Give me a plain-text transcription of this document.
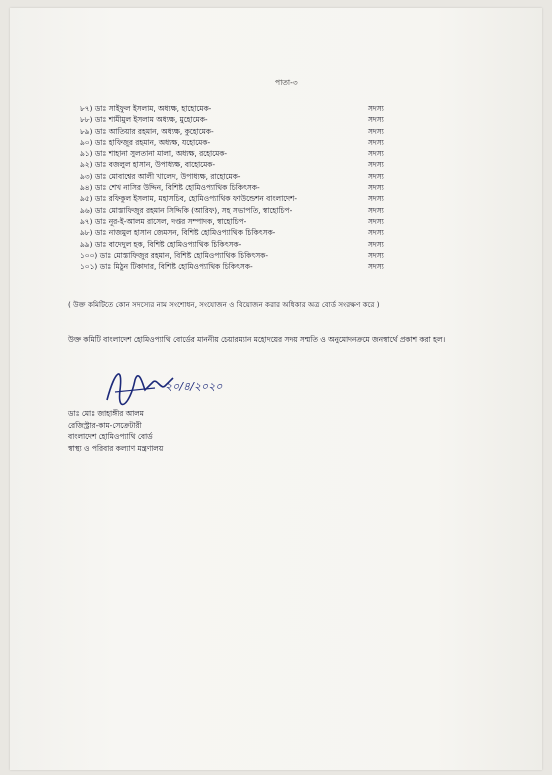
পাতা-৩
৮৭) ডাঃ সাইফুল ইসলাম, অধ্যক্ষ, হাহোমেক-	সদস্য
৮৮) ডাঃ শামীমুল ইসলাম অধ্যক্ষ, মুহোমেক-	সদস্য
৮৯) ডাঃ আতিয়ার রহমান, অধ্যক্ষ, কুহোমেক-	সদস্য
৯০) ডাঃ হাফিজুর রহমান, অধ্যক্ষ, যহোমেক-	সদস্য
৯১) ডাঃ শাহানা সুলতানা মালা, অধ্যক্ষ, রহোমেক-	সদস্য
৯২) ডাঃ বজলুল হাসান, উপাধ্যক্ষ, বাহোমেক-	সদস্য
৯৩) ডাঃ মোবাশ্বের আলী খালেদ, উপাধ্যক্ষ, রাহোমেক-	সদস্য
৯৪) ডাঃ শেখ নাসির উদ্দিন, বিশিষ্ট হোমিওপ্যাথিক চিকিৎসক-	সদস্য
৯৫) ডাঃ রফিকুল ইসলাম, মহাসচিব, হোমিওপ্যাথিক ফাউন্ডেশন বাংলাদেশ-	সদস্য
৯৬) ডাঃ মোস্তাফিজুর রহমান সিদ্দিকি (আরিফ), সহ সভাপতি, স্বাহোচিপ-	সদস্য
৯৭) ডাঃ নূর-ই-আলম রাসেল, দপ্তর সম্পাদক, স্বাহোচিপ-	সদস্য
৯৮) ডাঃ নাজমুল হাসান জেমসন, বিশিষ্ট হোমিওপ্যাথিক চিকিৎসক-	সদস্য
৯৯) ডাঃ বাদেদুল হক, বিশিষ্ট হোমিওপ্যাথিক চিকিৎসক-	সদস্য
১০০) ডাঃ মোস্তাফিজুর রহমান, বিশিষ্ট হোমিওপ্যাথিক চিকিৎসক-	সদস্য
১০১) ডাঃ মিঠুন টিকাদার, বিশিষ্ট হোমিওপ্যাথিক চিকিৎসক-	সদস্য
( উক্ত কমিটিতে কোন সদস্যের নাম সংশোধন, সংযোজন ও বিয়োজন করার অধিকার অত্র বোর্ড সংরক্ষণ করে )
উক্ত কমিটি বাংলাদেশ হোমিওপ্যাথি বোর্ডের মাননীয় চেয়ারম্যান মহোদয়ের সদয় সম্মতি ও অনুমোদনক্রমে জনস্বার্থে প্রকাশ করা হল।
২০/৪/২০২০
ডাঃ মোঃ জাহাঙ্গীর আলম
রেজিস্ট্রার-কাম-সেক্রেটারী
বাংলাদেশ হোমিওপ্যাথি বোর্ড
স্বাস্থ্য ও পরিবার কল্যাণ মন্ত্রণালয়
